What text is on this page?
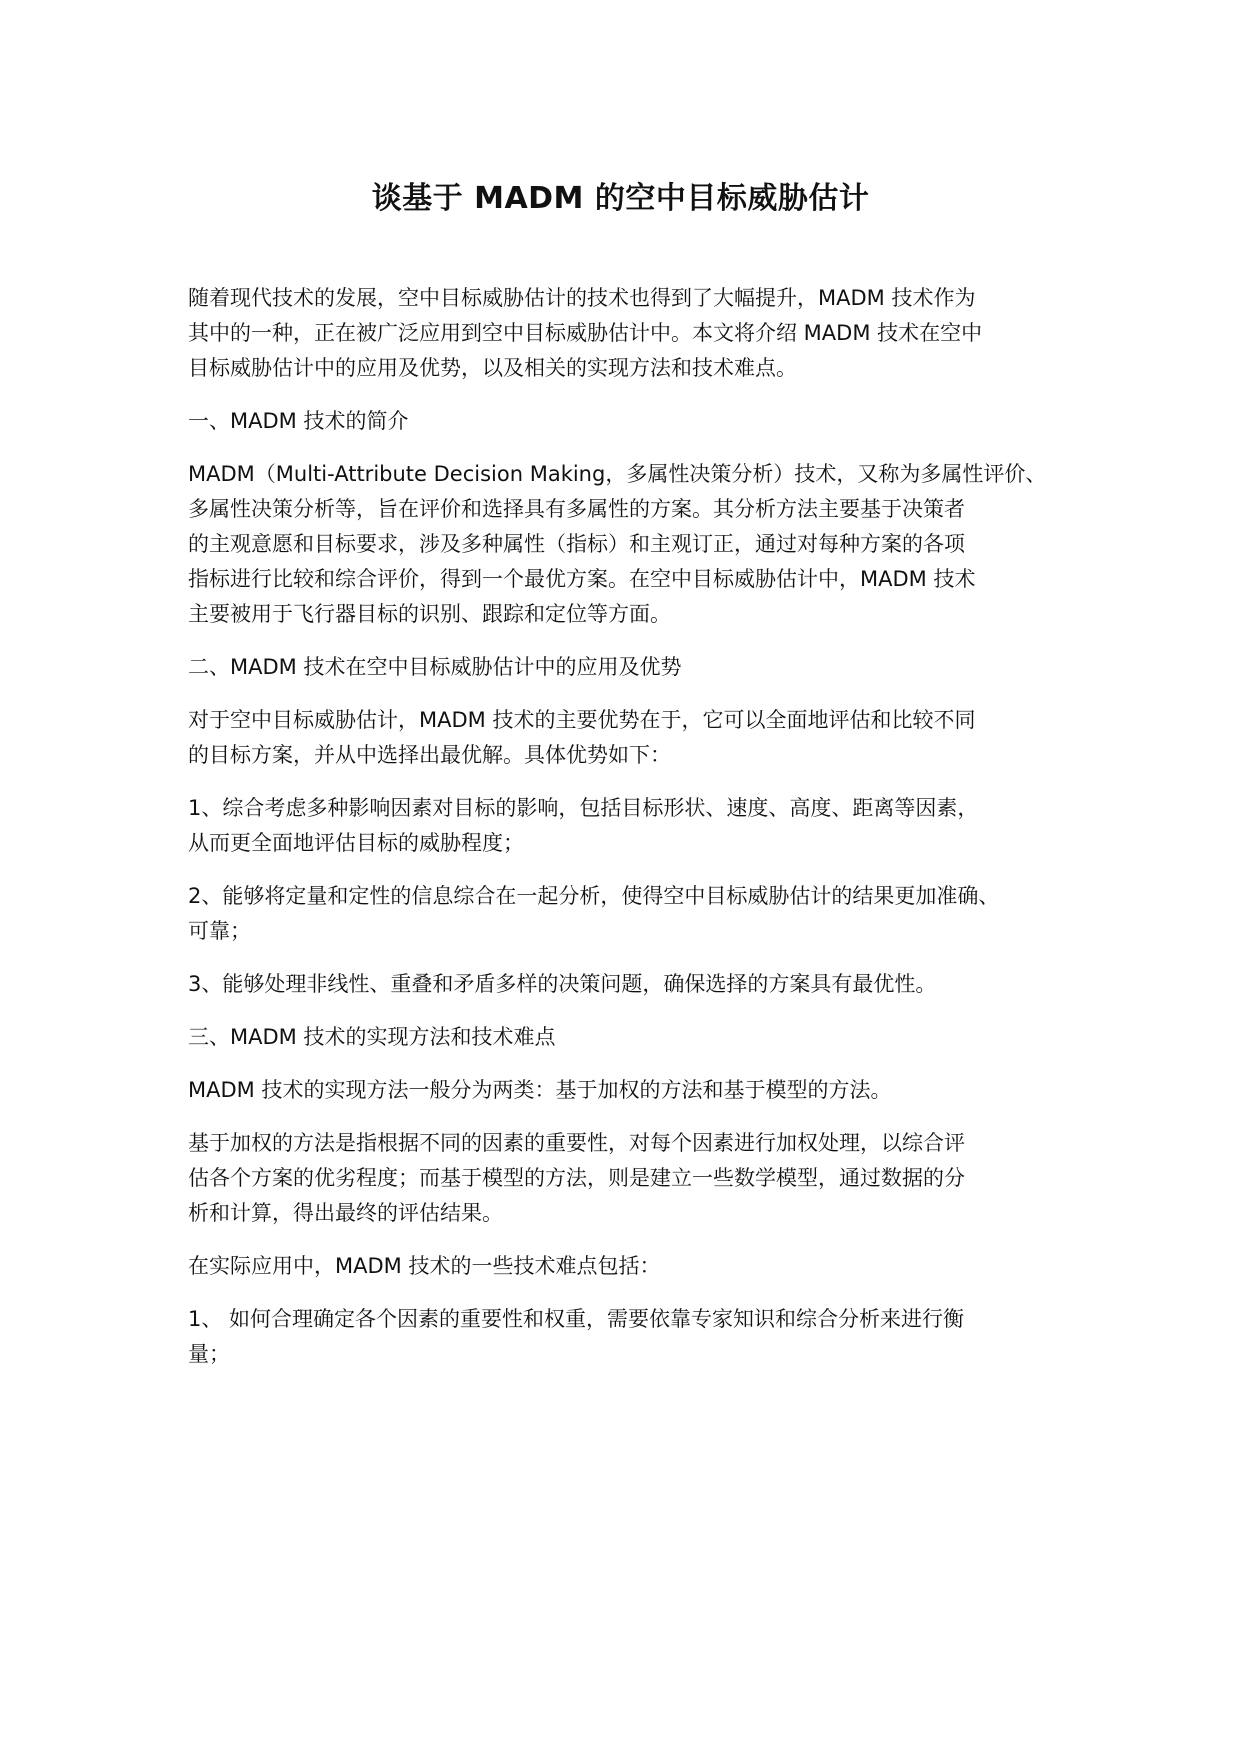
谈基于 MADM 的空中目标威胁估计

随着现代技术的发展，空中目标威胁估计的技术也得到了大幅提升，MADM 技术作为
其中的一种，正在被广泛应用到空中目标威胁估计中。本文将介绍 MADM 技术在空中
目标威胁估计中的应用及优势，以及相关的实现方法和技术难点。

一、MADM 技术的简介

MADM（Multi-Attribute Decision Making，多属性决策分析）技术，又称为多属性评价、
多属性决策分析等，旨在评价和选择具有多属性的方案。其分析方法主要基于决策者
的主观意愿和目标要求，涉及多种属性（指标）和主观订正，通过对每种方案的各项
指标进行比较和综合评价，得到一个最优方案。在空中目标威胁估计中，MADM 技术
主要被用于飞行器目标的识别、跟踪和定位等方面。

二、MADM 技术在空中目标威胁估计中的应用及优势

对于空中目标威胁估计，MADM 技术的主要优势在于，它可以全面地评估和比较不同
的目标方案，并从中选择出最优解。具体优势如下：

1、综合考虑多种影响因素对目标的影响，包括目标形状、速度、高度、距离等因素，
从而更全面地评估目标的威胁程度；

2、能够将定量和定性的信息综合在一起分析，使得空中目标威胁估计的结果更加准确、
可靠；

3、能够处理非线性、重叠和矛盾多样的决策问题，确保选择的方案具有最优性。

三、MADM 技术的实现方法和技术难点

MADM 技术的实现方法一般分为两类：基于加权的方法和基于模型的方法。

基于加权的方法是指根据不同的因素的重要性，对每个因素进行加权处理，以综合评
估各个方案的优劣程度；而基于模型的方法，则是建立一些数学模型，通过数据的分
析和计算，得出最终的评估结果。

在实际应用中，MADM 技术的一些技术难点包括：

1、 如何合理确定各个因素的重要性和权重，需要依靠专家知识和综合分析来进行衡
量；
